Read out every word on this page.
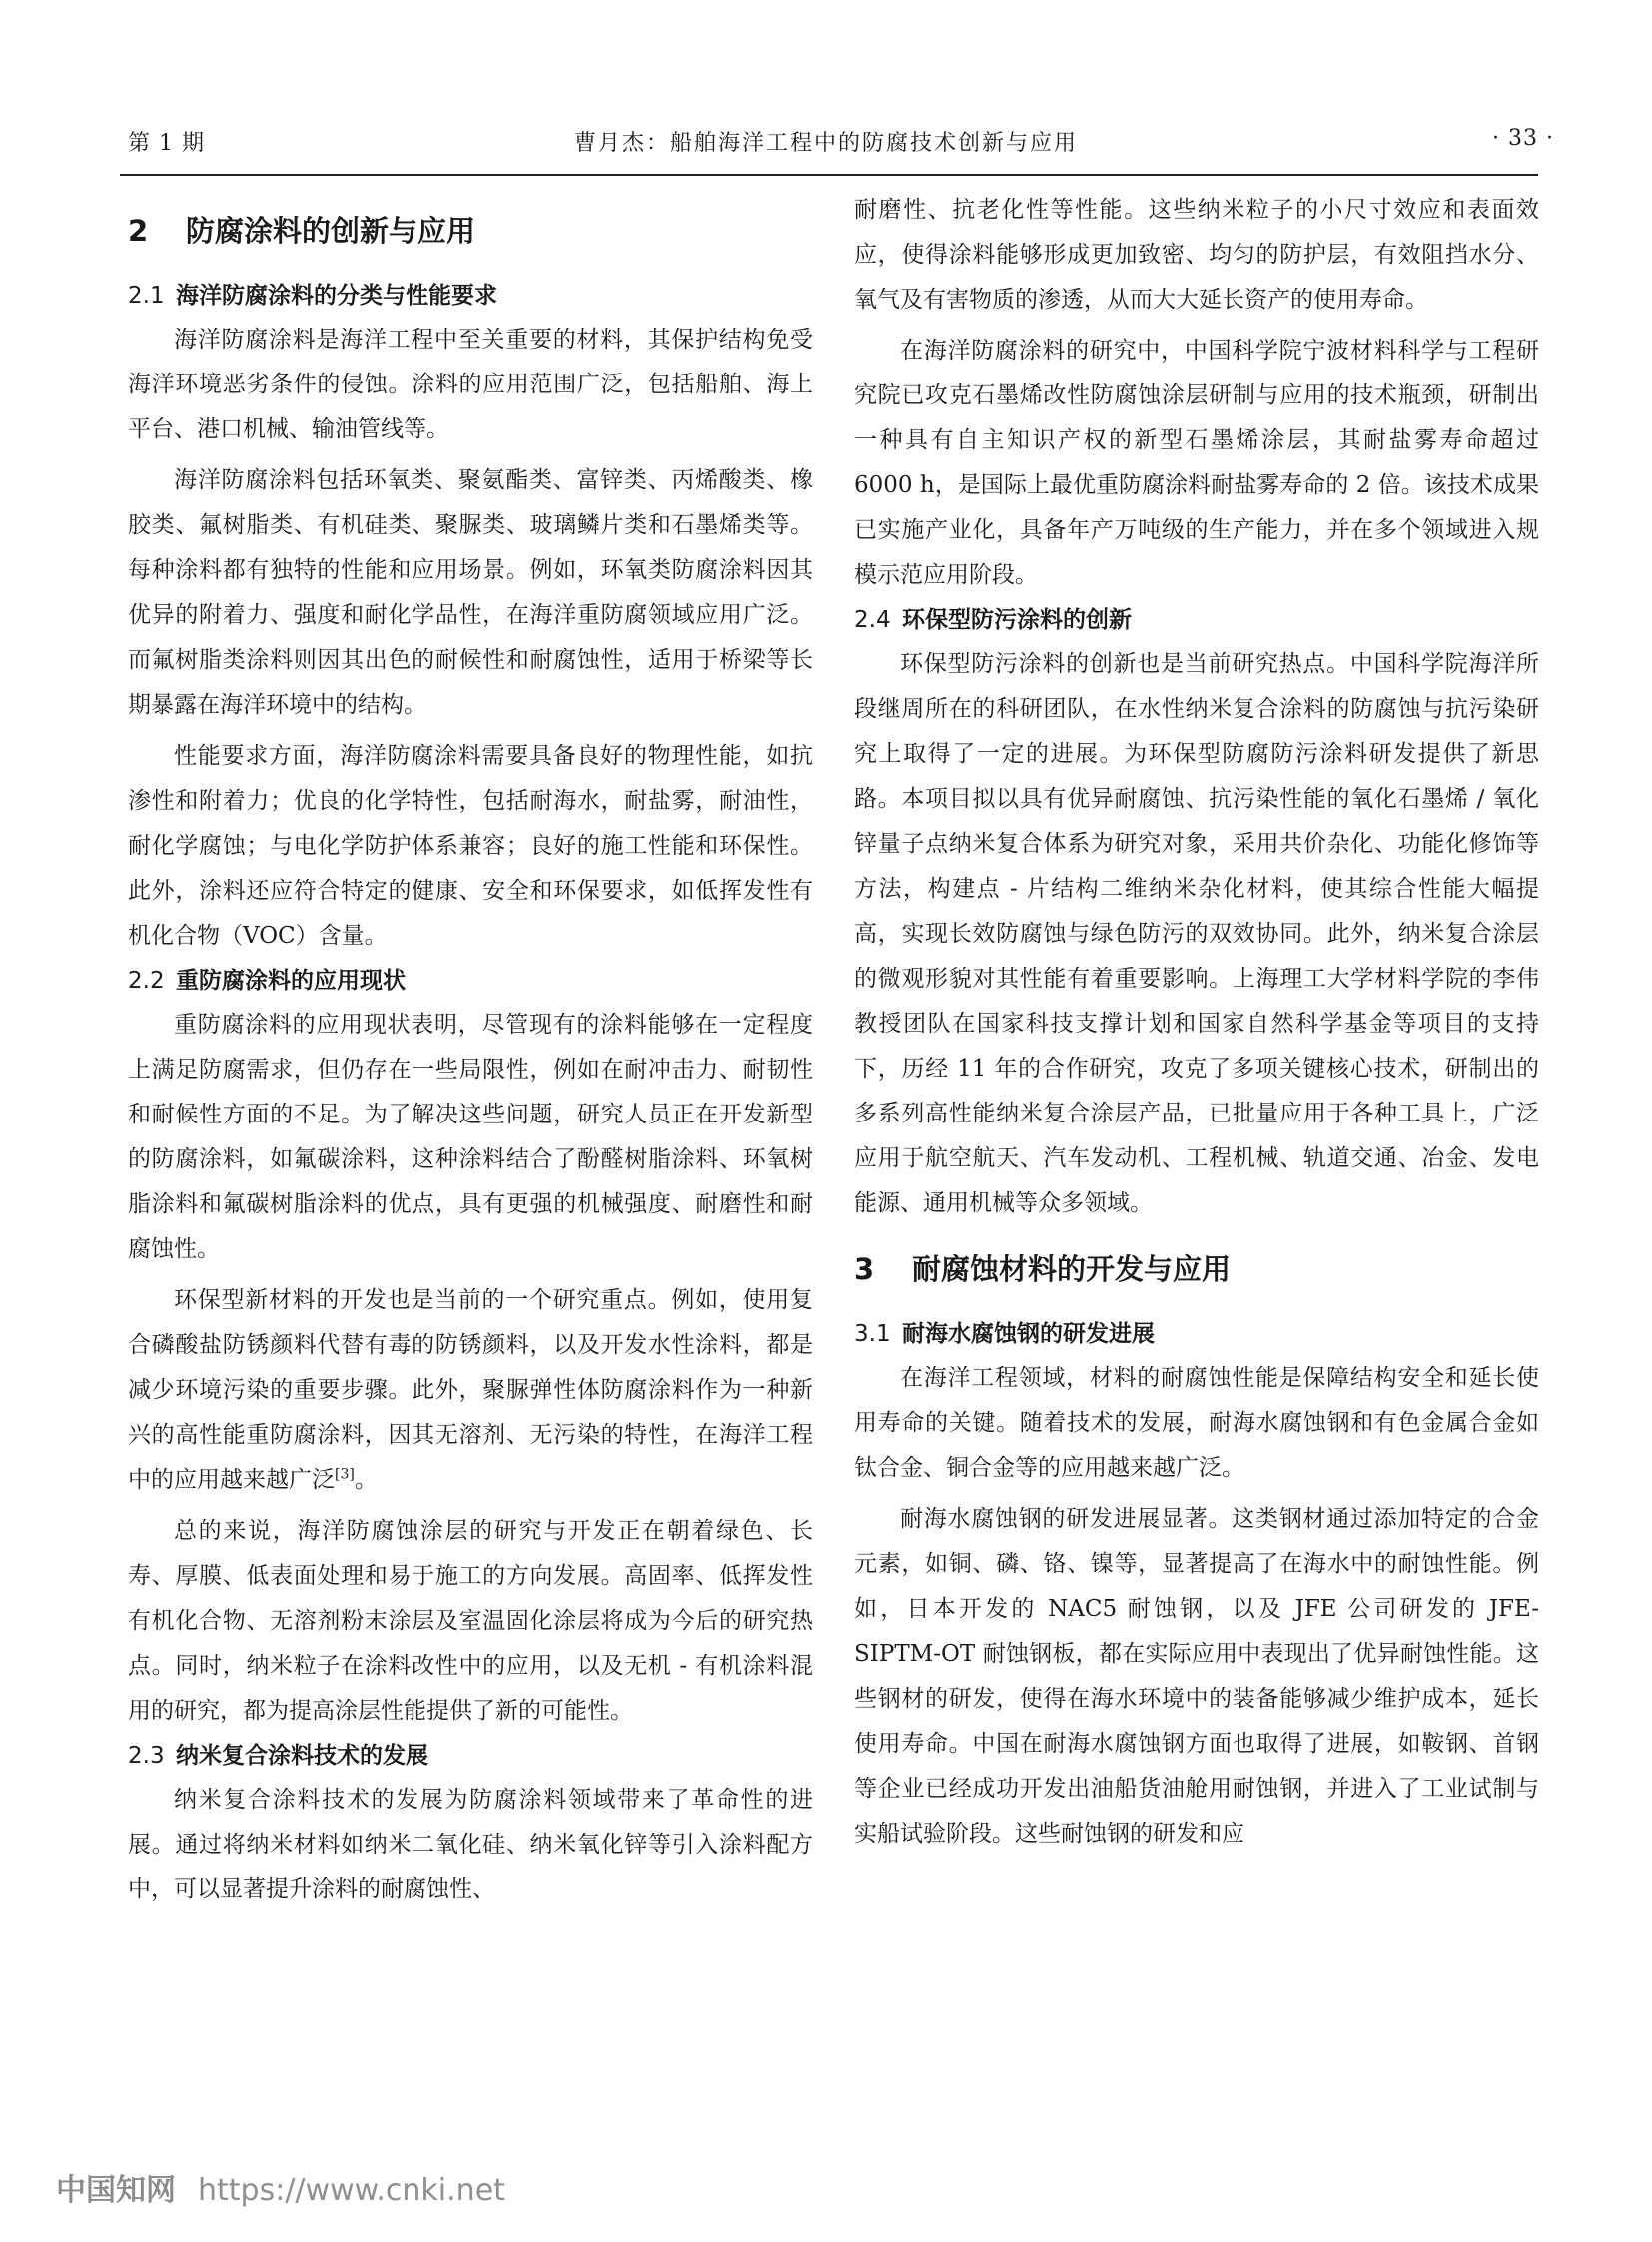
第 1 期	曹月杰：船舶海洋工程中的防腐技术创新与应用	· 33 ·
2 防腐涂料的创新与应用
2.1 海洋防腐涂料的分类与性能要求

海洋防腐涂料是海洋工程中至关重要的材料，其保护结构免受海洋环境恶劣条件的侵蚀。涂料的应用范围广泛，包括船舶、海上平台、港口机械、输油管线等。

海洋防腐涂料包括环氧类、聚氨酯类、富锌类、丙烯酸类、橡胶类、氟树脂类、有机硅类、聚脲类、玻璃鳞片类和石墨烯类等。每种涂料都有独特的性能和应用场景。例如，环氧类防腐涂料因其优异的附着力、强度和耐化学品性，在海洋重防腐领域应用广泛。而氟树脂类涂料则因其出色的耐候性和耐腐蚀性，适用于桥梁等长期暴露在海洋环境中的结构。

性能要求方面，海洋防腐涂料需要具备良好的物理性能，如抗渗性和附着力；优良的化学特性，包括耐海水，耐盐雾，耐油性，耐化学腐蚀；与电化学防护体系兼容；良好的施工性能和环保性。此外，涂料还应符合特定的健康、安全和环保要求，如低挥发性有机化合物（VOC）含量。

2.2 重防腐涂料的应用现状

重防腐涂料的应用现状表明，尽管现有的涂料能够在一定程度上满足防腐需求，但仍存在一些局限性，例如在耐冲击力、耐韧性和耐候性方面的不足。为了解决这些问题，研究人员正在开发新型的防腐涂料，如氟碳涂料，这种涂料结合了酚醛树脂涂料、环氧树脂涂料和氟碳树脂涂料的优点，具有更强的机械强度、耐磨性和耐腐蚀性。

环保型新材料的开发也是当前的一个研究重点。例如，使用复合磷酸盐防锈颜料代替有毒的防锈颜料，以及开发水性涂料，都是减少环境污染的重要步骤。此外，聚脲弹性体防腐涂料作为一种新兴的高性能重防腐涂料，因其无溶剂、无污染的特性，在海洋工程中的应用越来越广泛[3]。

总的来说，海洋防腐蚀涂层的研究与开发正在朝着绿色、长寿、厚膜、低表面处理和易于施工的方向发展。高固率、低挥发性有机化合物、无溶剂粉末涂层及室温固化涂层将成为今后的研究热点。同时，纳米粒子在涂料改性中的应用，以及无机 - 有机涂料混用的研究，都为提高涂层性能提供了新的可能性。

2.3 纳米复合涂料技术的发展

纳米复合涂料技术的发展为防腐涂料领域带来了革命性的进展。通过将纳米材料如纳米二氧化硅、纳米氧化锌等引入涂料配方中，可以显著提升涂料的耐腐蚀性、

耐磨性、抗老化性等性能。这些纳米粒子的小尺寸效应和表面效应，使得涂料能够形成更加致密、均匀的防护层，有效阻挡水分、氧气及有害物质的渗透，从而大大延长资产的使用寿命。

在海洋防腐涂料的研究中，中国科学院宁波材料科学与工程研究院已攻克石墨烯改性防腐蚀涂层研制与应用的技术瓶颈，研制出一种具有自主知识产权的新型石墨烯涂层，其耐盐雾寿命超过 6000 h，是国际上最优重防腐涂料耐盐雾寿命的 2 倍。该技术成果已实施产业化，具备年产万吨级的生产能力，并在多个领域进入规模示范应用阶段。

2.4 环保型防污涂料的创新

环保型防污涂料的创新也是当前研究热点。中国科学院海洋所段继周所在的科研团队，在水性纳米复合涂料的防腐蚀与抗污染研究上取得了一定的进展。为环保型防腐防污涂料研发提供了新思路。本项目拟以具有优异耐腐蚀、抗污染性能的氧化石墨烯 / 氧化锌量子点纳米复合体系为研究对象，采用共价杂化、功能化修饰等方法，构建点 - 片结构二维纳米杂化材料，使其综合性能大幅提高，实现长效防腐蚀与绿色防污的双效协同。此外，纳米复合涂层的微观形貌对其性能有着重要影响。上海理工大学材料学院的李伟教授团队在国家科技支撑计划和国家自然科学基金等项目的支持下，历经 11 年的合作研究，攻克了多项关键核心技术，研制出的多系列高性能纳米复合涂层产品，已批量应用于各种工具上，广泛应用于航空航天、汽车发动机、工程机械、轨道交通、冶金、发电能源、通用机械等众多领域。

3 耐腐蚀材料的开发与应用
3.1 耐海水腐蚀钢的研发进展

在海洋工程领域，材料的耐腐蚀性能是保障结构安全和延长使用寿命的关键。随着技术的发展，耐海水腐蚀钢和有色金属合金如钛合金、铜合金等的应用越来越广泛。

耐海水腐蚀钢的研发进展显著。这类钢材通过添加特定的合金元素，如铜、磷、铬、镍等，显著提高了在海水中的耐蚀性能。例如，日本开发的 NAC5 耐蚀钢，以及 JFE 公司研发的 JFE-SIPTM-OT 耐蚀钢板，都在实际应用中表现出了优异耐蚀性能。这些钢材的研发，使得在海水环境中的装备能够减少维护成本，延长使用寿命。中国在耐海水腐蚀钢方面也取得了进展，如鞍钢、首钢等企业已经成功开发出油船货油舱用耐蚀钢，并进入了工业试制与实船试验阶段。这些耐蚀钢的研发和应

中国知网 https://www.cnki.net
